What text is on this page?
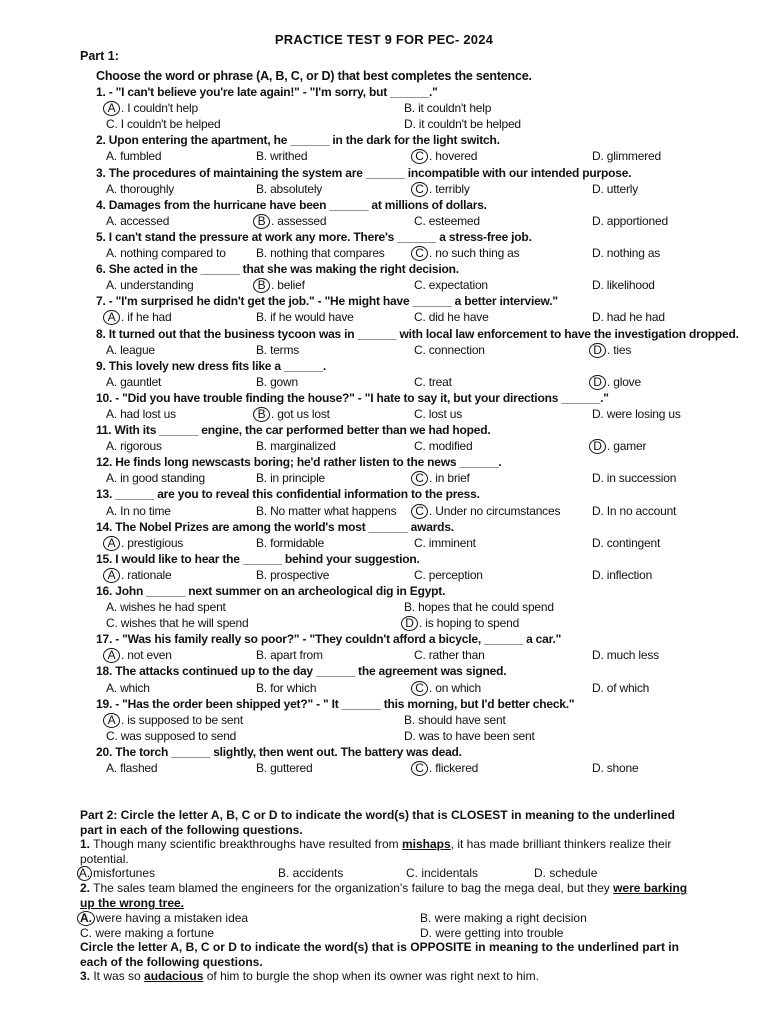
PRACTICE TEST 9 FOR PEC- 2024
Part 1:
Choose the word or phrase (A, B, C, or D) that best completes the sentence.
1. - "I can't believe you're late again!" - "I'm sorry, but ______."
A . I couldn't help	B. it couldn't help
C. I couldn't be helped	D. it couldn't be helped
2. Upon entering the apartment, he ______ in the dark for the light switch.
A. fumbled	B. writhed	C . hovered	D. glimmered
3. The procedures of maintaining the system are ______ incompatible with our intended purpose.
A. thoroughly	B. absolutely	C . terribly	D. utterly
4. Damages from the hurricane have been ______ at millions of dollars.
A. accessed	B . assessed	C. esteemed	D. apportioned
5. I can't stand the pressure at work any more. There's ______ a stress-free job.
A. nothing compared to	B. nothing that compares	C . no such thing as	D. nothing as
6. She acted in the ______ that she was making the right decision.
A. understanding	B . belief	C. expectation	D. likelihood
7. - "I'm surprised he didn't get the job." - "He might have ______ a better interview."
A . if he had	B. if he would have	C. did he have	D. had he had
8. It turned out that the business tycoon was in ______ with local law enforcement to have the investigation dropped.
A. league	B. terms	C. connection	D . ties
9. This lovely new dress fits like a ______.
A. gauntlet	B. gown	C. treat	D . glove
10. - "Did you have trouble finding the house?" - "I hate to say it, but your directions ______."
A. had lost us	B . got us lost	C. lost us	D. were losing us
11. With its ______ engine, the car performed better than we had hoped.
A. rigorous	B. marginalized	C. modified	D . gamer
12. He finds long newscasts boring; he'd rather listen to the news ______.
A. in good standing	B. in principle	C . in brief	D. in succession
13. ______ are you to reveal this confidential information to the press.
A. In no time	B. No matter what happens	C . Under no circumstances	D. In no account
14. The Nobel Prizes are among the world's most ______ awards.
A . prestigious	B. formidable	C. imminent	D. contingent
15. I would like to hear the ______ behind your suggestion.
A . rationale	B. prospective	C. perception	D. inflection
16. John ______ next summer on an archeological dig in Egypt.
A. wishes he had spent	B. hopes that he could spend
C. wishes that he will spend	D . is hoping to spend
17. - "Was his family really so poor?" - "They couldn't afford a bicycle, ______ a car."
A . not even	B. apart from	C. rather than	D. much less
18. The attacks continued up to the day ______ the agreement was signed.
A. which	B. for which	C . on which	D. of which
19. - "Has the order been shipped yet?" - " It ______ this morning, but I'd better check."
A . is supposed to be sent	B. should have sent
C. was supposed to send	D. was to have been sent
20. The torch ______ slightly, then went out. The battery was dead.
A. flashed	B. guttered	C . flickered	D. shone
Part 2: Circle the letter A, B, C or D to indicate the word(s) that is CLOSEST in meaning to the underlined part in each of the following questions.
1. Though many scientific breakthroughs have resulted from mishaps, it has made brilliant thinkers realize their potential.
A.misfortunes	B. accidents	C. incidentals	D. schedule
2. The sales team blamed the engineers for the organization's failure to bag the mega deal, but they were barking up the wrong tree.
A.were having a mistaken idea	B. were making a right decision
C. were making a fortune	D. were getting into trouble
Circle the letter A, B, C or D to indicate the word(s) that is OPPOSITE in meaning to the underlined part in each of the following questions.
3. It was so audacious of him to burgle the shop when its owner was right next to him.
